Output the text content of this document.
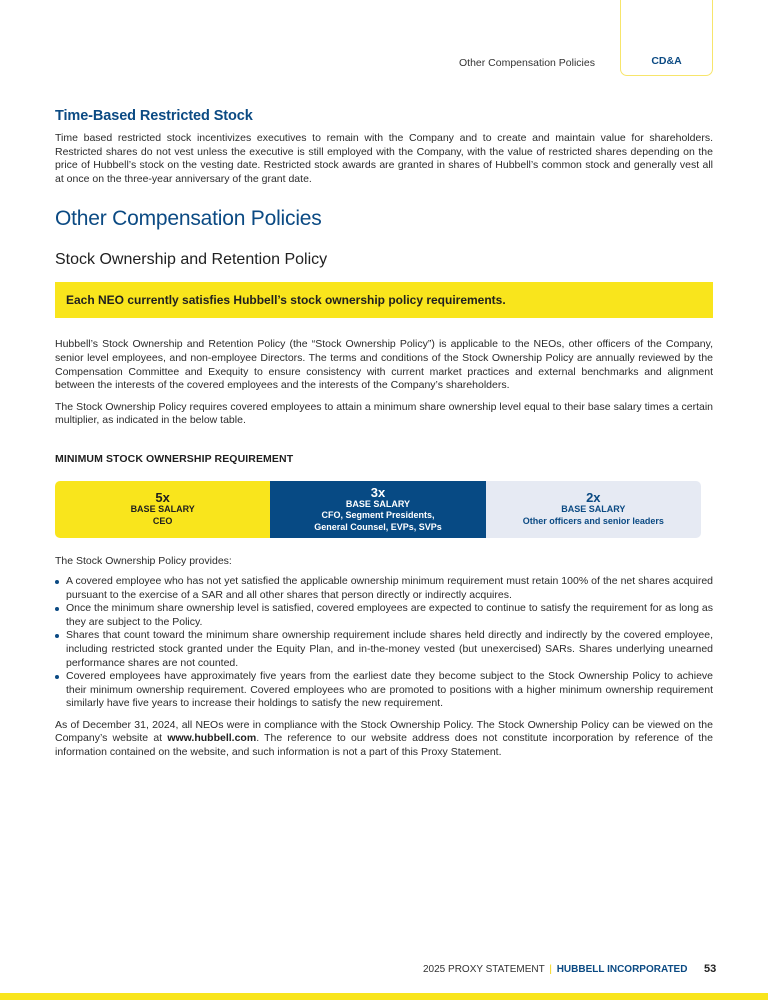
Other Compensation Policies	CD&A
Time-Based Restricted Stock

Time based restricted stock incentivizes executives to remain with the Company and to create and maintain value for shareholders. Restricted shares do not vest unless the executive is still employed with the Company, with the value of restricted shares depending on the price of Hubbell’s stock on the vesting date. Restricted stock awards are granted in shares of Hubbell’s common stock and generally vest all at once on the three-year anniversary of the grant date.

Other Compensation Policies
Stock Ownership and Retention Policy
Each NEO currently satisfies Hubbell’s stock ownership policy requirements.

Hubbell’s Stock Ownership and Retention Policy (the “Stock Ownership Policy”) is applicable to the NEOs, other officers of the Company, senior level employees, and non-employee Directors. The terms and conditions of the Stock Ownership Policy are annually reviewed by the Compensation Committee and Exequity to ensure consistency with current market practices and external benchmarks and alignment between the interests of the covered employees and the interests of the Company’s shareholders.

The Stock Ownership Policy requires covered employees to attain a minimum share ownership level equal to their base salary times a certain multiplier, as indicated in the below table.

MINIMUM STOCK OWNERSHIP REQUIREMENT
5x
BASE SALARY
CEO
3x
BASE SALARY
CFO, Segment Presidents,
General Counsel, EVPs, SVPs
2x
BASE SALARY
Other officers and senior leaders
The Stock Ownership Policy provides:
A covered employee who has not yet satisfied the applicable ownership minimum requirement must retain 100% of the net shares acquired pursuant to the exercise of a SAR and all other shares that person directly or indirectly acquires.
Once the minimum share ownership level is satisfied, covered employees are expected to continue to satisfy the requirement for as long as they are subject to the Policy.
Shares that count toward the minimum share ownership requirement include shares held directly and indirectly by the covered employee, including restricted stock granted under the Equity Plan, and in-the-money vested (but unexercised) SARs. Shares underlying unearned performance shares are not counted.
Covered employees have approximately five years from the earliest date they become subject to the Stock Ownership Policy to achieve their minimum ownership requirement. Covered employees who are promoted to positions with a higher minimum ownership requirement similarly have five years to increase their holdings to satisfy the new requirement.

As of December 31, 2024, all NEOs were in compliance with the Stock Ownership Policy. The Stock Ownership Policy can be viewed on the Company’s website at www.hubbell.com. The reference to our website address does not constitute incorporation by reference of the information contained on the website, and such information is not a part of this Proxy Statement.

2025 PROXY STATEMENT | HUBBELL INCORPORATED 53
